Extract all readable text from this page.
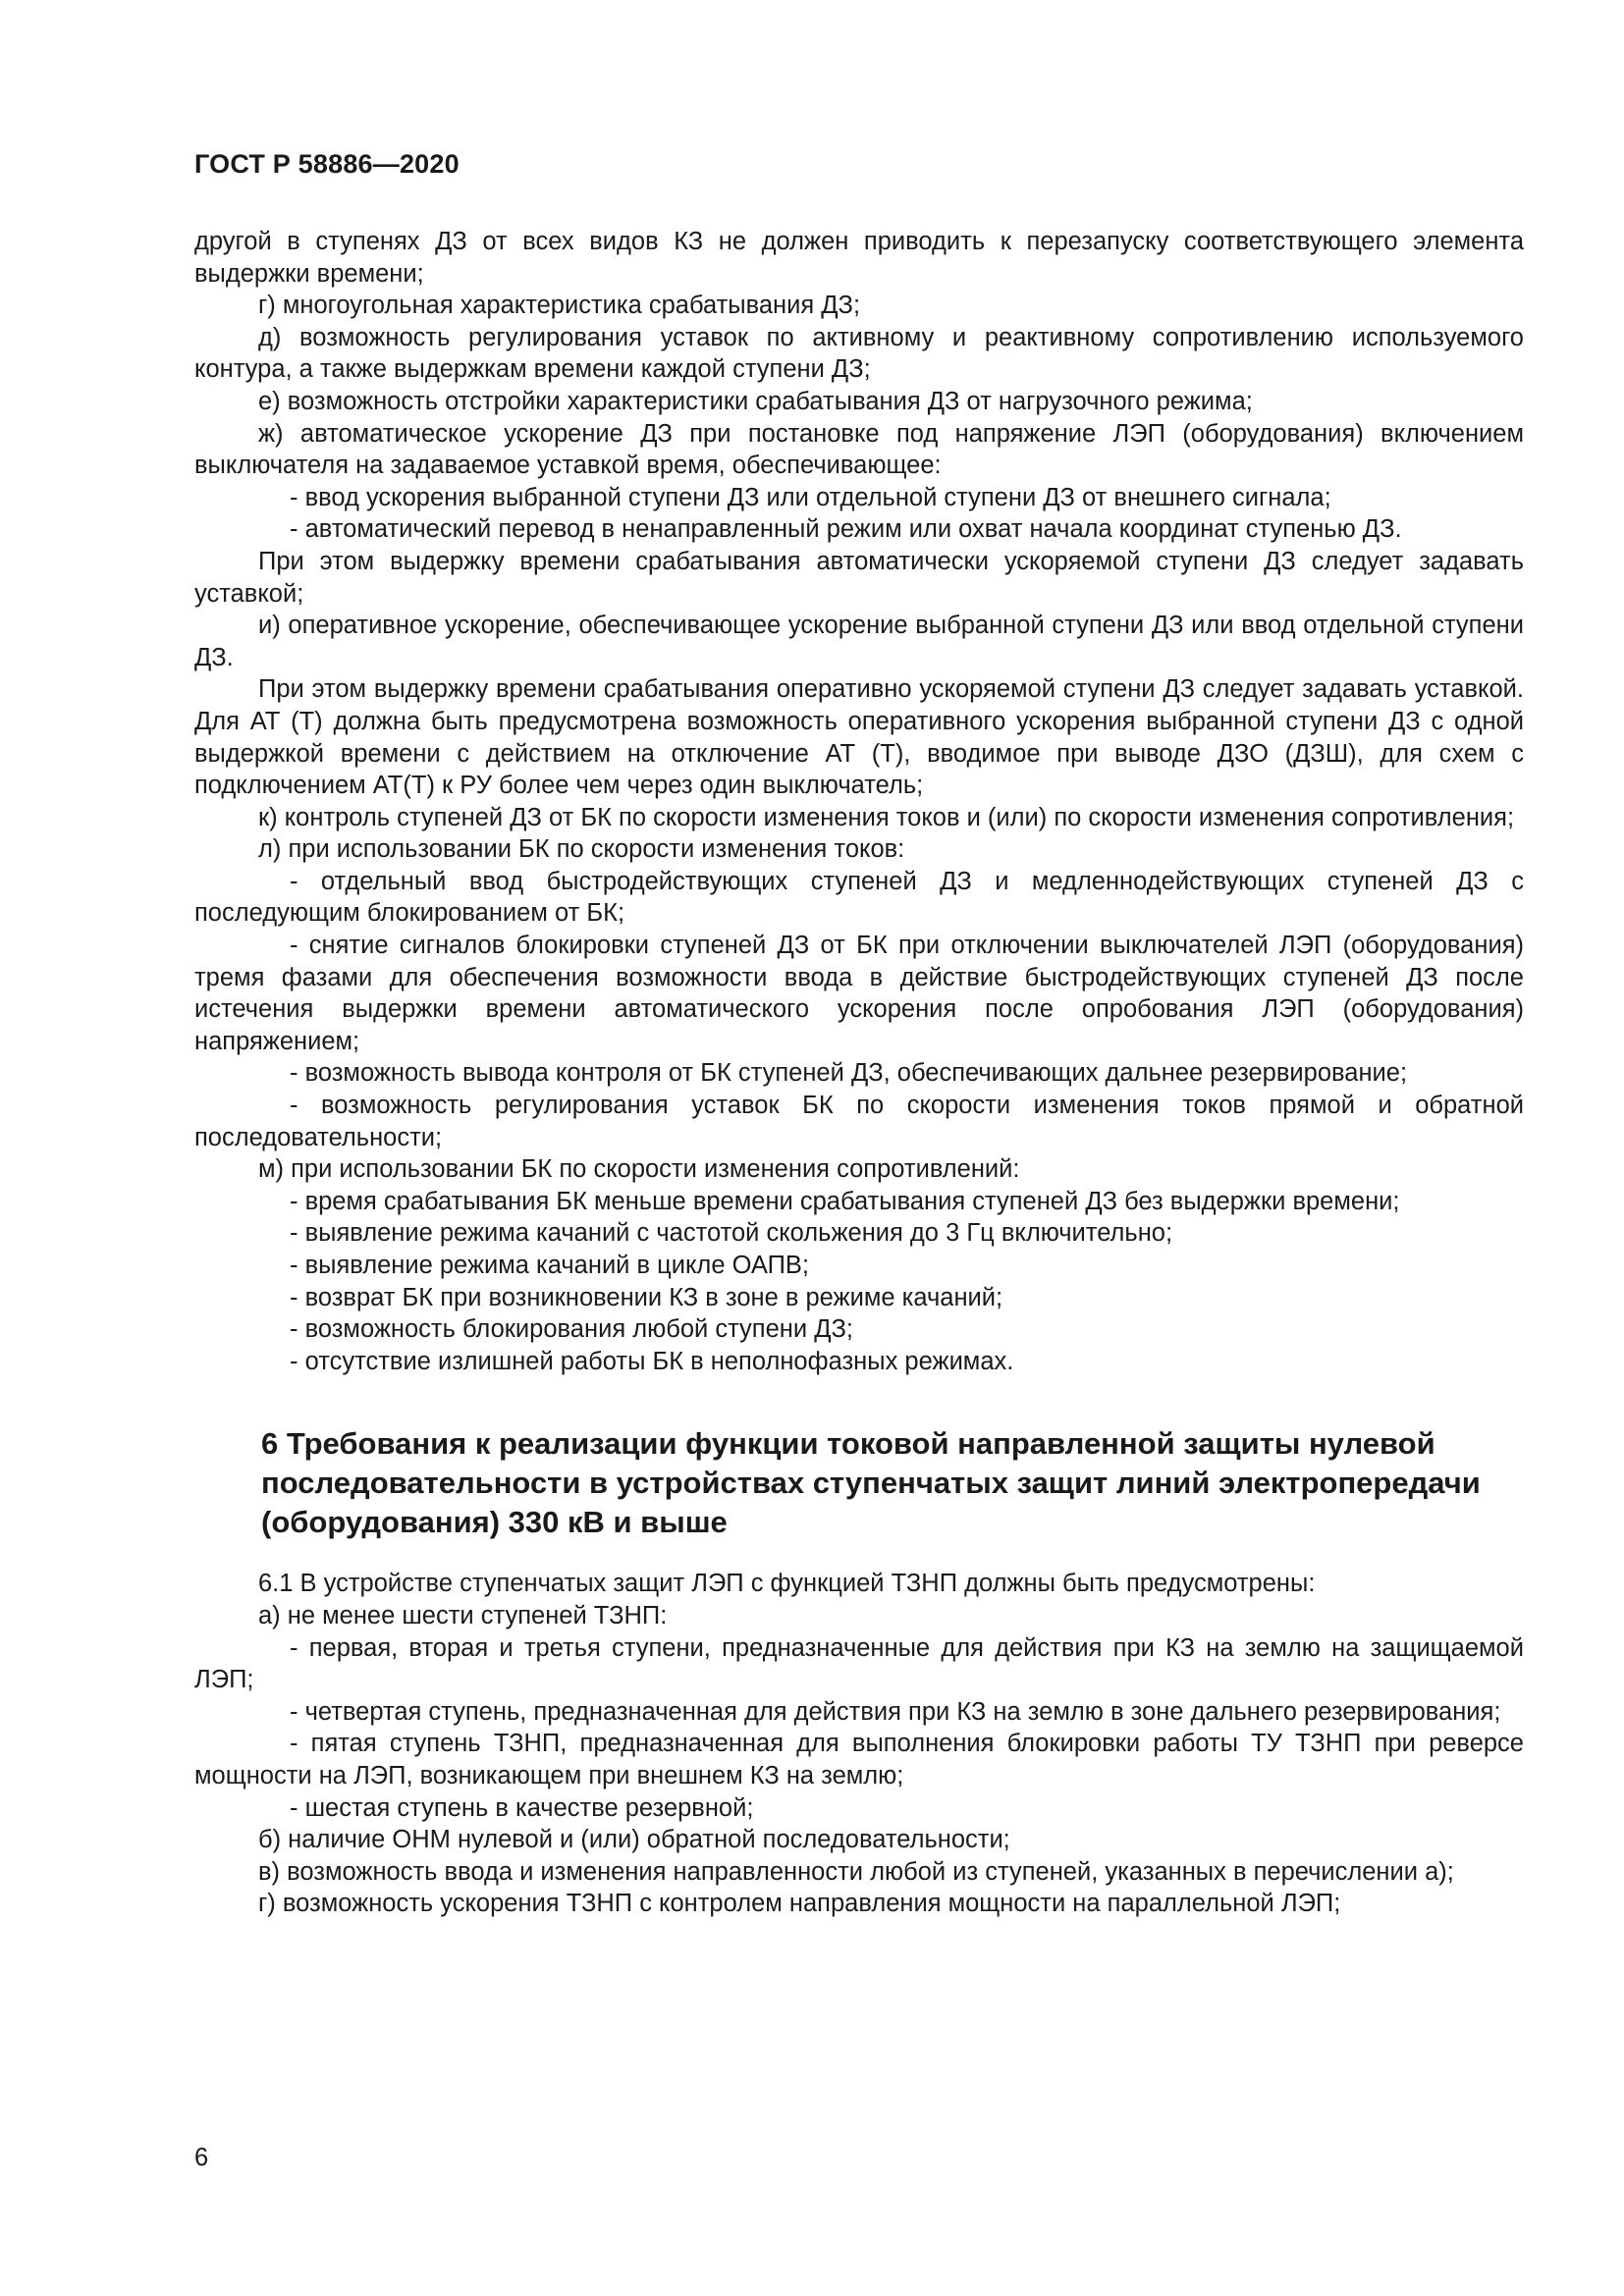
ГОСТ Р 58886—2020

другой в ступенях ДЗ от всех видов КЗ не должен приводить к перезапуску соответствующего элемента выдержки времени;

г) многоугольная характеристика срабатывания ДЗ;

д) возможность регулирования уставок по активному и реактивному сопротивлению используемого контура, а также выдержкам времени каждой ступени ДЗ;

е) возможность отстройки характеристики срабатывания ДЗ от нагрузочного режима;

ж) автоматическое ускорение ДЗ при постановке под напряжение ЛЭП (оборудования) включением выключателя на задаваемое уставкой время, обеспечивающее:

- ввод ускорения выбранной ступени ДЗ или отдельной ступени ДЗ от внешнего сигнала;

- автоматический перевод в ненаправленный режим или охват начала координат ступенью ДЗ.

При этом выдержку времени срабатывания автоматически ускоряемой ступени ДЗ следует задавать уставкой;

и) оперативное ускорение, обеспечивающее ускорение выбранной ступени ДЗ или ввод отдельной ступени ДЗ.

При этом выдержку времени срабатывания оперативно ускоряемой ступени ДЗ следует задавать уставкой. Для АТ (Т) должна быть предусмотрена возможность оперативного ускорения выбранной ступени ДЗ с одной выдержкой времени с действием на отключение АТ (Т), вводимое при выводе ДЗО (ДЗШ), для схем с подключением АТ(Т) к РУ более чем через один выключатель;

к) контроль ступеней ДЗ от БК по скорости изменения токов и (или) по скорости изменения сопротивления;

л) при использовании БК по скорости изменения токов:

- отдельный ввод быстродействующих ступеней ДЗ и медленнодействующих ступеней ДЗ с последующим блокированием от БК;

- снятие сигналов блокировки ступеней ДЗ от БК при отключении выключателей ЛЭП (оборудования) тремя фазами для обеспечения возможности ввода в действие быстродействующих ступеней ДЗ после истечения выдержки времени автоматического ускорения после опробования ЛЭП (оборудования) напряжением;

- возможность вывода контроля от БК ступеней ДЗ, обеспечивающих дальнее резервирование;

- возможность регулирования уставок БК по скорости изменения токов прямой и обратной последовательности;

м) при использовании БК по скорости изменения сопротивлений:

- время срабатывания БК меньше времени срабатывания ступеней ДЗ без выдержки времени;

- выявление режима качаний с частотой скольжения до 3 Гц включительно;

- выявление режима качаний в цикле ОАПВ;

- возврат БК при возникновении КЗ в зоне в режиме качаний;

- возможность блокирования любой ступени ДЗ;

- отсутствие излишней работы БК в неполнофазных режимах.

6 Требования к реализации функции токовой направленной защиты нулевой последовательности в устройствах ступенчатых защит линий электропередачи (оборудования) 330 кВ и выше

6.1 В устройстве ступенчатых защит ЛЭП с функцией ТЗНП должны быть предусмотрены:

а) не менее шести ступеней ТЗНП:

- первая, вторая и третья ступени, предназначенные для действия при КЗ на землю на защищаемой ЛЭП;

- четвертая ступень, предназначенная для действия при КЗ на землю в зоне дальнего резервирования;

- пятая ступень ТЗНП, предназначенная для выполнения блокировки работы ТУ ТЗНП при реверсе мощности на ЛЭП, возникающем при внешнем КЗ на землю;

- шестая ступень в качестве резервной;

б) наличие ОНМ нулевой и (или) обратной последовательности;

в) возможность ввода и изменения направленности любой из ступеней, указанных в перечислении а);

г) возможность ускорения ТЗНП с контролем направления мощности на параллельной ЛЭП;

6
